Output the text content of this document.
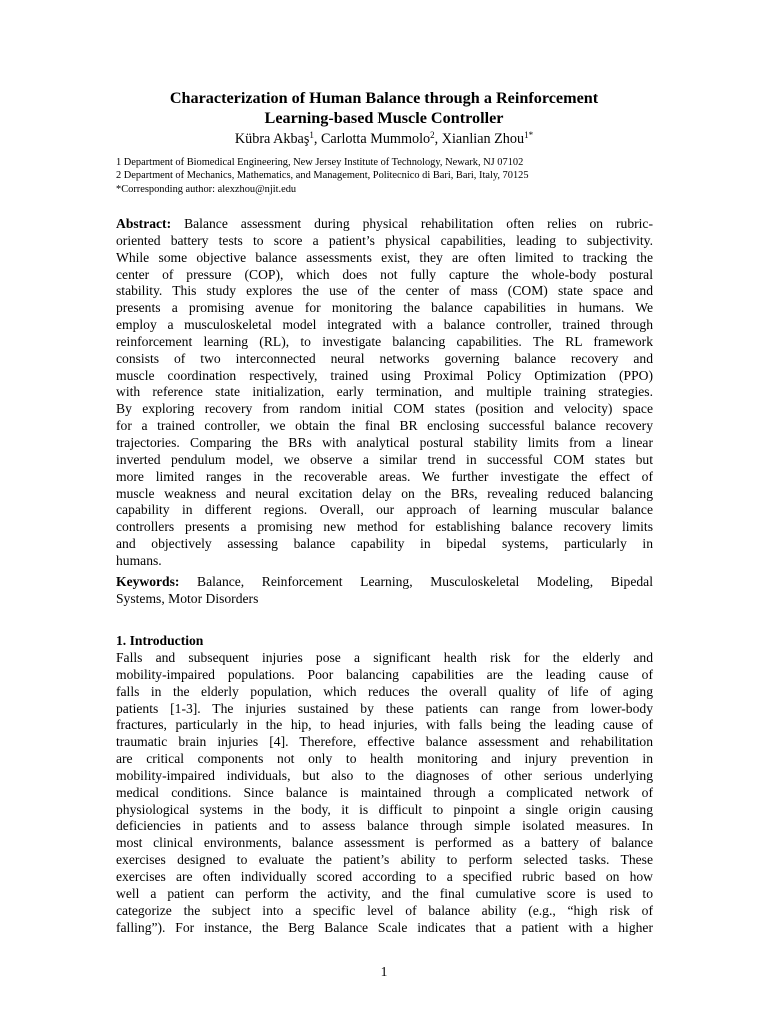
Characterization of Human Balance through a Reinforcement
Learning-based Muscle Controller
Kübra Akbaş$^1$, Carlotta Mummolo$^2$, Xianlian Zhou$^{1*}$
1 Department of Biomedical Engineering, New Jersey Institute of Technology, Newark, NJ 07102
2 Department of Mechanics, Mathematics, and Management, Politecnico di Bari, Bari, Italy, 70125
*Corresponding author: alexzhou@njit.edu
Abstract: Balance assessment during physical rehabilitation often relies on rubric-
oriented battery tests to score a patient’s physical capabilities, leading to subjectivity.
While some objective balance assessments exist, they are often limited to tracking the
center of pressure (COP), which does not fully capture the whole-body postural
stability. This study explores the use of the center of mass (COM) state space and
presents a promising avenue for monitoring the balance capabilities in humans. We
employ a musculoskeletal model integrated with a balance controller, trained through
reinforcement learning (RL), to investigate balancing capabilities. The RL framework
consists of two interconnected neural networks governing balance recovery and
muscle coordination respectively, trained using Proximal Policy Optimization (PPO)
with reference state initialization, early termination, and multiple training strategies.
By exploring recovery from random initial COM states (position and velocity) space
for a trained controller, we obtain the final BR enclosing successful balance recovery
trajectories. Comparing the BRs with analytical postural stability limits from a linear
inverted pendulum model, we observe a similar trend in successful COM states but
more limited ranges in the recoverable areas. We further investigate the effect of
muscle weakness and neural excitation delay on the BRs, revealing reduced balancing
capability in different regions. Overall, our approach of learning muscular balance
controllers presents a promising new method for establishing balance recovery limits
and objectively assessing balance capability in bipedal systems, particularly in
humans.
Keywords: Balance, Reinforcement Learning, Musculoskeletal Modeling, Bipedal
Systems, Motor Disorders
1. Introduction
Falls and subsequent injuries pose a significant health risk for the elderly and
mobility-impaired populations. Poor balancing capabilities are the leading cause of
falls in the elderly population, which reduces the overall quality of life of aging
patients [1-3]. The injuries sustained by these patients can range from lower-body
fractures, particularly in the hip, to head injuries, with falls being the leading cause of
traumatic brain injuries [4]. Therefore, effective balance assessment and rehabilitation
are critical components not only to health monitoring and injury prevention in
mobility-impaired individuals, but also to the diagnoses of other serious underlying
medical conditions. Since balance is maintained through a complicated network of
physiological systems in the body, it is difficult to pinpoint a single origin causing
deficiencies in patients and to assess balance through simple isolated measures. In
most clinical environments, balance assessment is performed as a battery of balance
exercises designed to evaluate the patient’s ability to perform selected tasks. These
exercises are often individually scored according to a specified rubric based on how
well a patient can perform the activity, and the final cumulative score is used to
categorize the subject into a specific level of balance ability (e.g., “high risk of
falling”). For instance, the Berg Balance Scale indicates that a patient with a higher
1
